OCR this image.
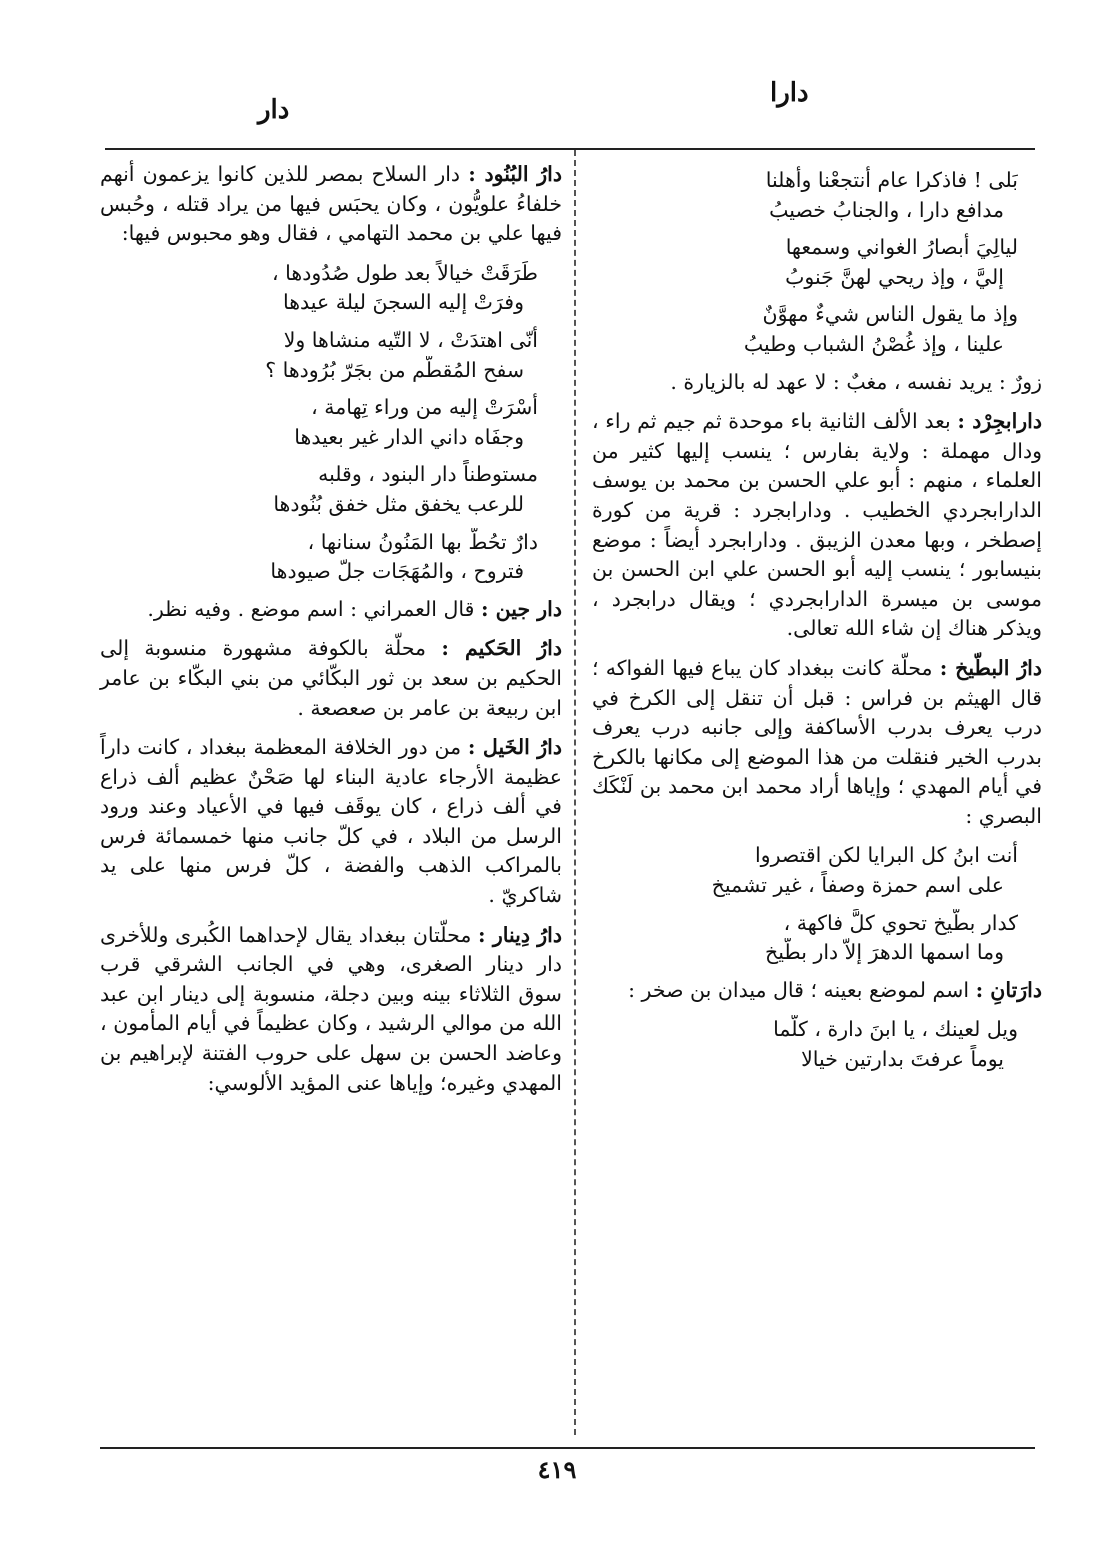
دارا
دار
بَلى ! فاذكرا عام أنتجعْنا وأهلنا
مدافع دارا ، والجنابُ خصيبُ
ليالِيَ أبصارُ الغواني وسمعها
إليَّ ، وإذ ريحي لهنَّ جَنوبُ
وإذ ما يقول الناس شيءٌ مهوَّنٌ
علينا ، وإذ غُصْنُ الشباب وطيبُ
زورٌ : يريد نفسه ، مغبٌ : لا عهد له بالزيارة .
دارابجِرْد : بعد الألف الثانية باء موحدة ثم جيم ثم راء ، ودال مهملة : ولاية بفارس ؛ ينسب إليها كثير من العلماء ، منهم : أبو علي الحسن بن محمد بن يوسف الدارابجردي الخطيب . ودارابجرد : قرية من كورة إصطخر ، وبها معدن الزيبق . ودارابجرد أيضاً : موضع بنيسابور ؛ ينسب إليه أبو الحسن علي ابن الحسن بن موسى بن ميسرة الدارابجردي ؛ ويقال درابجرد ، ويذكر هناك إن شاء الله تعالى.
دارُ البطّيخ : محلّة كانت ببغداد كان يباع فيها الفواكه ؛ قال الهيثم بن فراس : قبل أن تنقل إلى الكرخ في درب يعرف بدرب الأساكفة وإلى جانبه درب يعرف بدرب الخير فنقلت من هذا الموضع إلى مكانها بالكرخ في أيام المهدي ؛ وإياها أراد محمد ابن محمد بن لَنْكَك البصري :
أنت ابنُ كل البرايا لكن اقتصروا
على اسم حمزة وصفاً ، غير تشميخ
كدار بطّيخ تحوي كلَّ فاكهة ،
وما اسمها الدهرَ إلاّ دار بطّيخ
دارَتانِ : اسم لموضع بعينه ؛ قال ميدان بن صخر :
ويل لعينك ، يا ابنَ دارة ، كلّما
يوماً عرفتَ بدارتين خيالا
دارُ البُنُود : دار السلاح بمصر للذين كانوا يزعمون أنهم خلفاءُ علويُّون ، وكان يحبَس فيها من يراد قتله ، وحُبس فيها علي بن محمد التهامي ، فقال وهو محبوس فيها:
طَرَقَتْ خيالاً بعد طول صُدُودها ،
وفرَتْ إليه السجنَ ليلة عيدها
أنّى اهتدَتْ ، لا التّيه منشاها ولا
سفح المُقطّم من بجَرّ بُرُودها ؟
أسْرَتْ إليه من وراء تِهامة ،
وجفَاه داني الدار غير بعيدها
مستوطناً دار البنود ، وقلبه
للرعب يخفق مثل خفق بُنُودها
دارٌ تحُطّ بها المَنُونُ سنانها ،
فتروح ، والمُهَجَات جلّ صيودها
دار جين : قال العمراني : اسم موضع . وفيه نظر.
دارُ الحَكيم : محلّة بالكوفة مشهورة منسوبة إلى الحكيم بن سعد بن ثور البكّائي من بني البكّاء بن عامر ابن ربيعة بن عامر بن صعصعة .
دارُ الخَيل : من دور الخلافة المعظمة ببغداد ، كانت داراً عظيمة الأرجاء عادية البناء لها صَحْنٌ عظيم ألف ذراع في ألف ذراع ، كان يوقَف فيها في الأعياد وعند ورود الرسل من البلاد ، في كلّ جانب منها خمسمائة فرس بالمراكب الذهب والفضة ، كلّ فرس منها على يد شاكريّ .
دارُ دِينار : محلّتان ببغداد يقال لإحداهما الكُبرى وللأخرى دار دينار الصغرى، وهي في الجانب الشرقي قرب سوق الثلاثاء بينه وبين دجلة، منسوبة إلى دينار ابن عبد الله من موالي الرشيد ، وكان عظيماً في أيام المأمون ، وعاضد الحسن بن سهل على حروب الفتنة لإبراهيم بن المهدي وغيره؛ وإياها عنى المؤيد الألوسي:
٤١٩
